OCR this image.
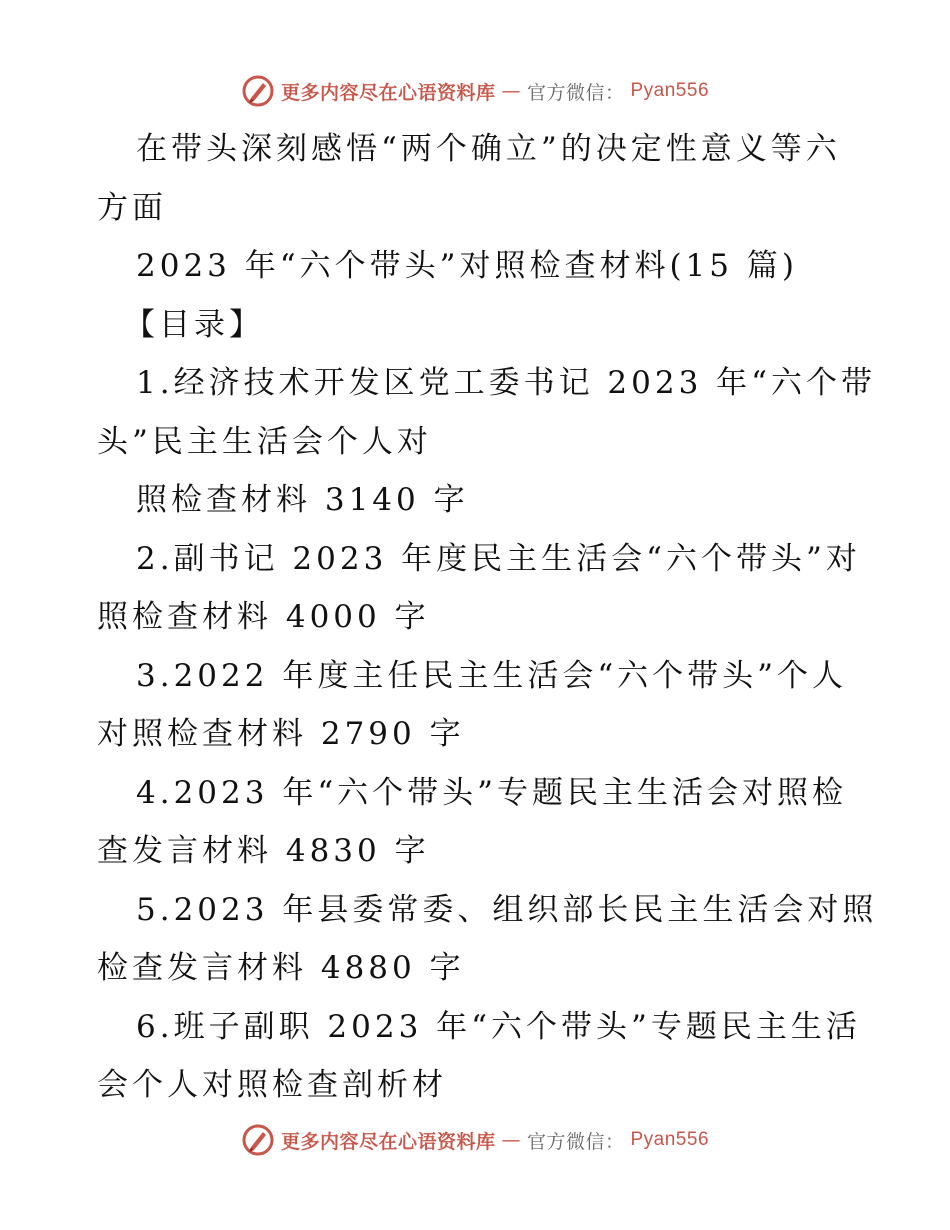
更多内容尽在心语资料库 — 官方微信： Pyan556

在带头深刻感悟“两个确立”的决定性意义等六

方面

2023 年“六个带头”对照检查材料(15 篇)

【目录】

1.经济技术开发区党工委书记 2023 年“六个带

头”民主生活会个人对

照检查材料 3140 字

2.副书记 2023 年度民主生活会“六个带头”对

照检查材料 4000 字

3.2022 年度主任民主生活会“六个带头”个人

对照检查材料 2790 字

4.2023 年“六个带头”专题民主生活会对照检

查发言材料 4830 字

5.2023 年县委常委、组织部长民主生活会对照

检查发言材料 4880 字

6.班子副职 2023 年“六个带头”专题民主生活

会个人对照检查剖析材

更多内容尽在心语资料库 — 官方微信： Pyan556
